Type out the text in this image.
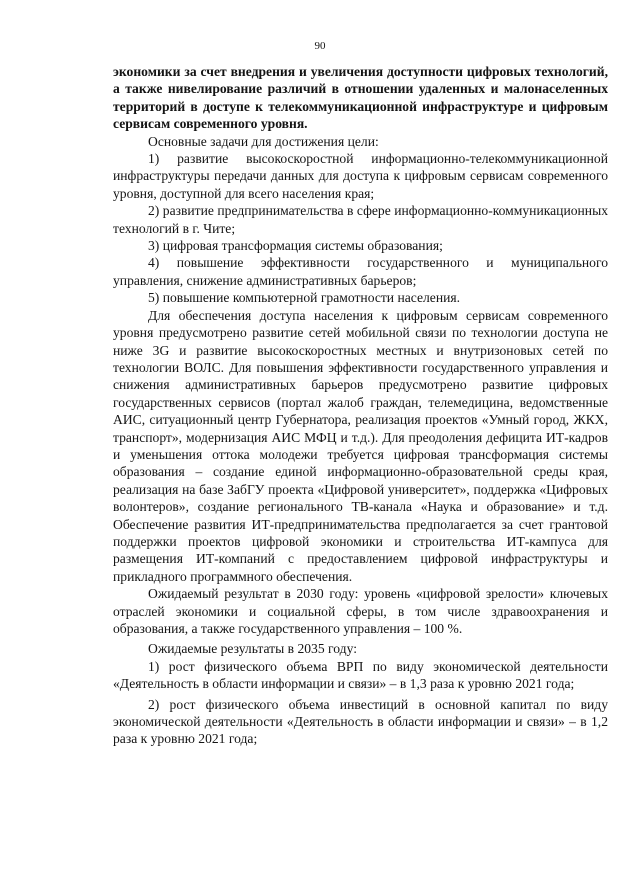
90

экономики за счет внедрения и увеличения доступности цифровых технологий, а также нивелирование различий в отношении удаленных и малонаселенных территорий в доступе к телекоммуникационной инфраструктуре и цифровым сервисам современного уровня.

Основные задачи для достижения цели:

1) развитие высокоскоростной информационно-телекоммуникационной инфраструктуры передачи данных для доступа к цифровым сервисам современного уровня, доступной для всего населения края;

2) развитие предпринимательства в сфере информационно-коммуникационных технологий в г. Чите;

3) цифровая трансформация системы образования;

4) повышение эффективности государственного и муниципального управления, снижение административных барьеров;

5) повышение компьютерной грамотности населения.

Для обеспечения доступа населения к цифровым сервисам современного уровня предусмотрено развитие сетей мобильной связи по технологии доступа не ниже 3G и развитие высокоскоростных местных и внутризоновых сетей по технологии ВОЛС. Для повышения эффективности государственного управления и снижения административных барьеров предусмотрено развитие цифровых государственных сервисов (портал жалоб граждан, телемедицина, ведомственные АИС, ситуационный центр Губернатора, реализация проектов «Умный город, ЖКХ, транспорт», модернизация АИС МФЦ и т.д.). Для преодоления дефицита ИТ-кадров и уменьшения оттока молодежи требуется цифровая трансформация системы образования – создание единой информационно-образовательной среды края, реализация на базе ЗабГУ проекта «Цифровой университет», поддержка «Цифровых волонтеров», создание регионального ТВ-канала «Наука и образование» и т.д. Обеспечение развития ИТ-предпринимательства предполагается за счет грантовой поддержки проектов цифровой экономики и строительства ИТ-кампуса для размещения ИТ-компаний с предоставлением цифровой инфраструктуры и прикладного программного обеспечения.

Ожидаемый результат в 2030 году: уровень «цифровой зрелости» ключевых отраслей экономики и социальной сферы, в том числе здравоохранения и образования, а также государственного управления – 100 %.

Ожидаемые результаты в 2035 году:

1) рост физического объема ВРП по виду экономической деятельности «Деятельность в области информации и связи» – в 1,3 раза к уровню 2021 года;

2) рост физического объема инвестиций в основной капитал по виду экономической деятельности «Деятельность в области информации и связи» – в 1,2 раза к уровню 2021 года;
